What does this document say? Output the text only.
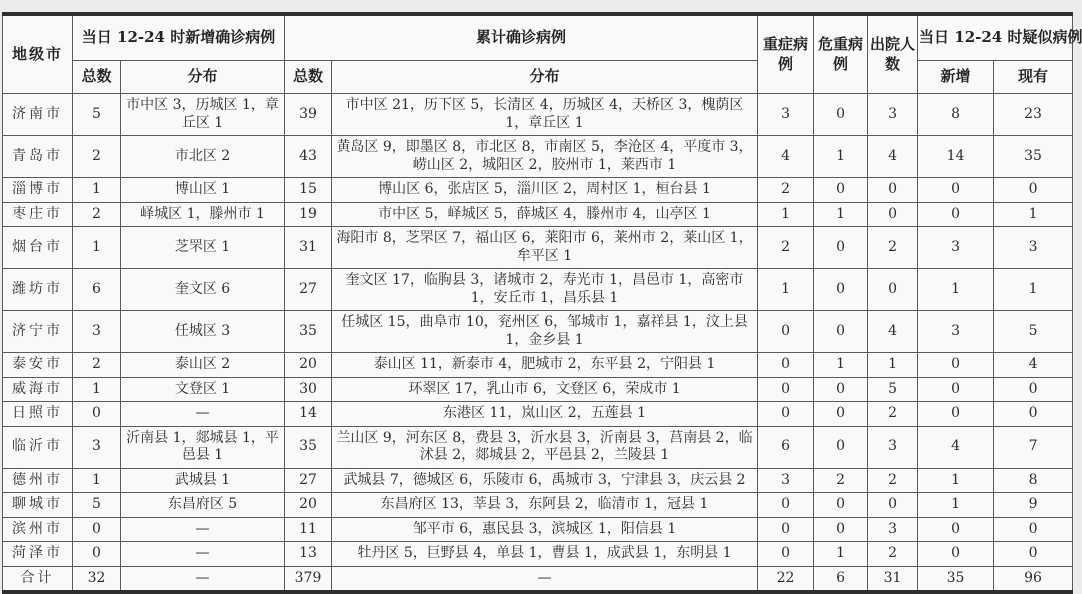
地级市	当日 12-24 时新增确诊病例		累计确诊病例		重症病例	危重病例	出院人数	当日 12-24 时疑似病例	
	总数	分布	总数	分布				新增	现有
济南市	5	市中区 3，历城区 1，章丘区 1	39	市中区 21，历下区 5，长清区 4，历城区 4，天桥区 3，槐荫区 1，章丘区 1	3	0	3	8	23
青岛市	2	市北区 2	43	黄岛区 9，即墨区 8，市北区 8，市南区 5，李沧区 4，平度市 3，崂山区 2，城阳区 2，胶州市 1，莱西市 1	4	1	4	14	35
淄博市	1	博山区 1	15	博山区 6，张店区 5，淄川区 2，周村区 1，桓台县 1	2	0	0	0	0
枣庄市	2	峄城区 1，滕州市 1	19	市中区 5，峄城区 5，薛城区 4，滕州市 4，山亭区 1	1	1	0	0	1
烟台市	1	芝罘区 1	31	海阳市 8，芝罘区 7，福山区 6，莱阳市 6，莱州市 2，莱山区 1，牟平区 1	2	0	2	3	3
潍坊市	6	奎文区 6	27	奎文区 17，临朐县 3，诸城市 2，寿光市 1，昌邑市 1，高密市 1，安丘市 1，昌乐县 1	1	0	0	1	1
济宁市	3	任城区 3	35	任城区 15，曲阜市 10，兖州区 6，邹城市 1，嘉祥县 1，汶上县 1，金乡县 1	0	0	4	3	5
泰安市	2	泰山区 2	20	泰山区 11，新泰市 4，肥城市 2，东平县 2，宁阳县 1	0	1	1	0	4
威海市	1	文登区 1	30	环翠区 17，乳山市 6，文登区 6，荣成市 1	0	0	5	0	0
日照市	0	—	14	东港区 11，岚山区 2，五莲县 1	0	0	2	0	0
临沂市	3	沂南县 1，郯城县 1，平邑县 1	35	兰山区 9，河东区 8，费县 3，沂水县 3，沂南县 3，莒南县 2，临沭县 2，郯城县 2，平邑县 2，兰陵县 1	6	0	3	4	7
德州市	1	武城县 1	27	武城县 7，德城区 6，乐陵市 6，禹城市 3，宁津县 3，庆云县 2	3	2	2	1	8
聊城市	5	东昌府区 5	20	东昌府区 13，莘县 3，东阿县 2，临清市 1，冠县 1	0	0	0	1	9
滨州市	0	—	11	邹平市 6，惠民县 3，滨城区 1，阳信县 1	0	0	3	0	0
菏泽市	0	—	13	牡丹区 5，巨野县 4，单县 1，曹县 1，成武县 1，东明县 1	0	1	2	0	0
合计	32	—	379	—	22	6	31	35	96
